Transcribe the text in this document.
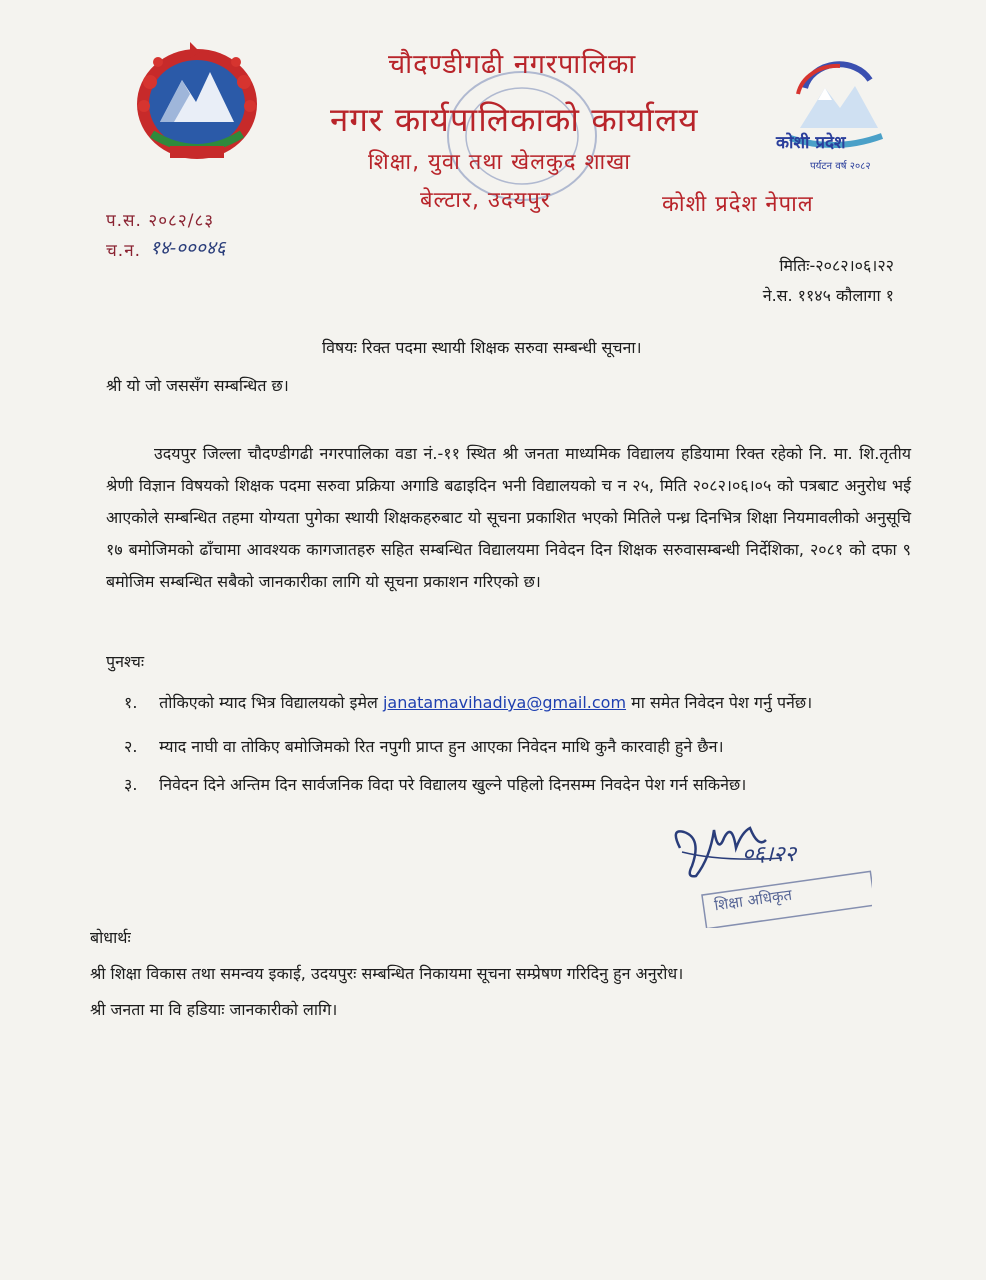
कोशी प्रदेश
पर्यटन वर्ष २०८२
चौदण्डीगढी नगरपालिका
नगर कार्यपालिकाको कार्यालय
शिक्षा, युवा तथा खेलकुद शाखा
बेल्टार, उदयपुर	कोशी प्रदेश नेपाल
प.स. २०८२/८३
च.न. १४-०००४६
मितिः-२०८२।०६।२२
ने.स. ११४५ कौलागा १
विषयः रिक्त पदमा स्थायी शिक्षक सरुवा सम्बन्धी सूचना।
श्री यो जो जससँग सम्बन्धित छ।
उदयपुर जिल्ला चौदण्डीगढी नगरपालिका वडा नं.-११ स्थित श्री जनता माध्यमिक विद्यालय हडियामा रिक्त रहेको नि. मा. शि.तृतीय श्रेणी विज्ञान विषयको शिक्षक पदमा सरुवा प्रक्रिया अगाडि बढाइदिन भनी विद्यालयको च न २५, मिति २०८२।०६।०५ को पत्रबाट अनुरोध भई आएकोले सम्बन्धित तहमा योग्यता पुगेका स्थायी शिक्षकहरुबाट यो सूचना प्रकाशित भएको मितिले पन्ध्र दिनभित्र शिक्षा नियमावलीको अनुसूचि १७ बमोजिमको ढाँचामा आवश्यक कागजातहरु सहित सम्बन्धित विद्यालयमा निवेदन दिन शिक्षक सरुवासम्बन्धी निर्देशिका, २०८१ को दफा ९ बमोजिम सम्बन्धित सबैको जानकारीका लागि यो सूचना प्रकाशन गरिएको छ।
पुनश्चः
१. तोकिएको म्याद भित्र विद्यालयको इमेल janatamavihadiya@gmail.com मा समेत निवेदन पेश गर्नु पर्नेछ।
२. म्याद नाघी वा तोकिए बमोजिमको रित नपुगी प्राप्त हुन आएका निवेदन माथि कुनै कारवाही हुने छैन।
३. निवेदन दिने अन्तिम दिन सार्वजनिक विदा परे विद्यालय खुल्ने पहिलो दिनसम्म निवदेन पेश गर्न सकिनेछ।
०६।२२
शिक्षा अधिकृत
बोधार्थः
श्री शिक्षा विकास तथा समन्वय इकाई, उदयपुरः सम्बन्धित निकायमा सूचना सम्प्रेषण गरिदिनु हुन अनुरोध।
श्री जनता मा वि हडियाः जानकारीको लागि।
